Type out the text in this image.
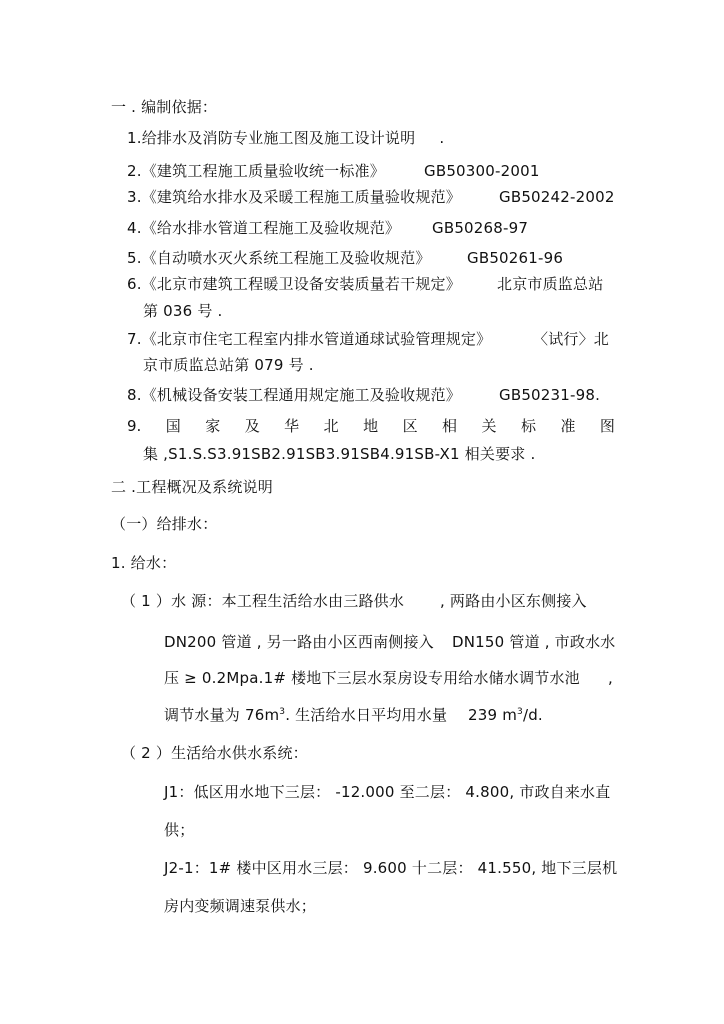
一 . 编制依据：
1.给排水及消防专业施工图及施工设计说明 .
2.《建筑工程施工质量验收统一标准》	GB50300-2001
3.《建筑给水排水及采暖工程施工质量验收规范》	GB50242-2002
4.《给水排水管道工程施工及验收规范》 GB50268-97
5.《自动喷水灭火系统工程施工及验收规范》 GB50261-96
6.《北京市建筑工程暖卫设备安装质量若干规定》 北京市质监总站
第 036 号 .
7.《北京市住宅工程室内排水管道通球试验管理规定》	〈试行〉北
京市质监总站第 079 号 .
8.《机械设备安装工程通用规定施工及验收规范》	GB50231-98.
9. 国 家 及 华 北 地 区 相 关 标 准 图
集 ,S1.S.S3.91SB2.91SB3.91SB4.91SB-X1 相关要求 .
二 .工程概况及系统说明
（一）给排水：
1. 给水：
（ 1 ）水 源：本工程生活给水由三路供水 , 两路由小区东侧接入
DN200 管道 , 另一路由小区西南侧接入 DN150 管道 , 市政水水
压 ≥ 0.2Mpa.1# 楼地下三层水泵房设专用给水储水调节水池 ,
调节水量为 $76m^3$. 生活给水日平均用水量 239 $m^3/d$.
（ 2 ）生活给水供水系统：
J1：低区用水地下三层： -12.000 至二层： 4.800, 市政自来水直
供；
J2-1：1# 楼中区用水三层： 9.600 十二层： 41.550, 地下三层机
房内变频调速泵供水；
